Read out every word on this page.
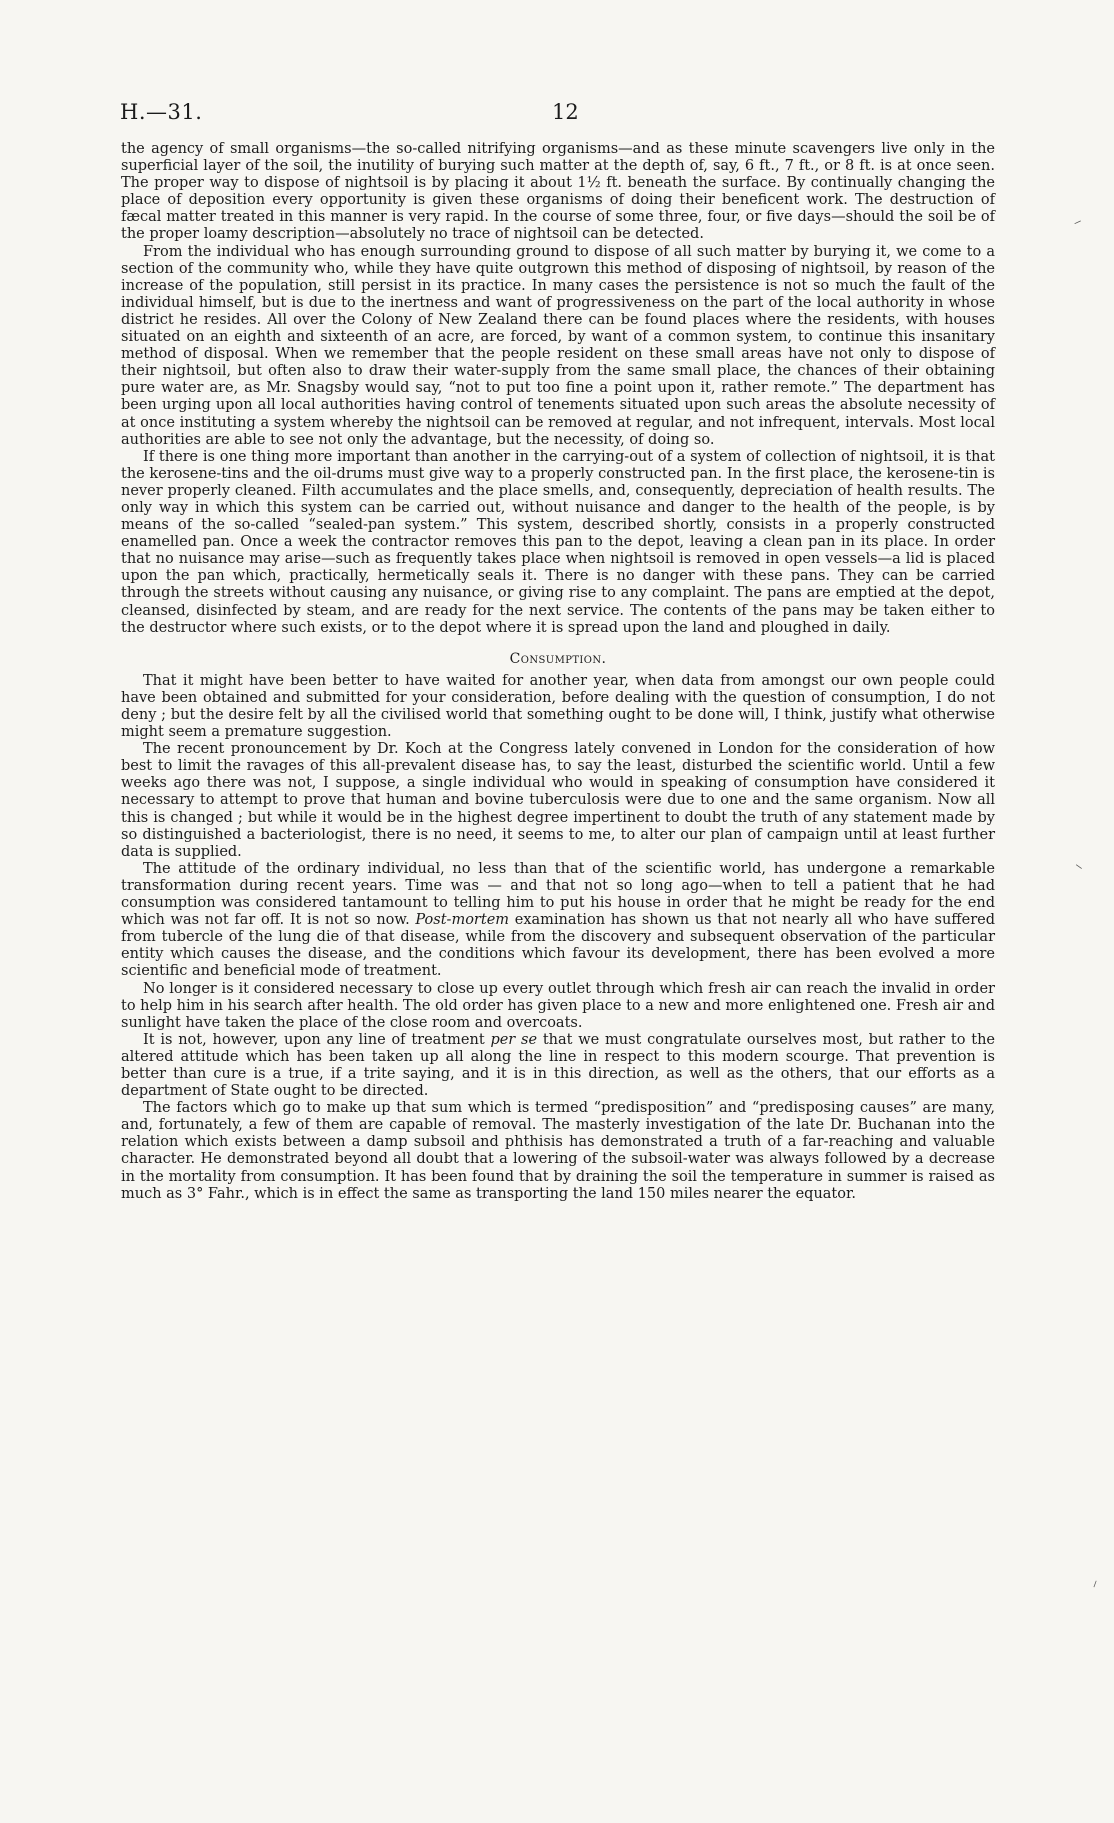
H.—31.	12

the agency of small organisms—the so-called nitrifying organisms—and as these minute scavengers live only in the superficial layer of the soil, the inutility of burying such matter at the depth of, say, 6 ft., 7 ft., or 8 ft. is at once seen. The proper way to dispose of nightsoil is by placing it about 1½ ft. beneath the surface. By continually changing the place of deposition every opportunity is given these organisms of doing their beneficent work. The destruction of fæcal matter treated in this manner is very rapid. In the course of some three, four, or five days—should the soil be of the proper loamy description—absolutely no trace of nightsoil can be detected.

From the individual who has enough surrounding ground to dispose of all such matter by burying it, we come to a section of the community who, while they have quite outgrown this method of disposing of nightsoil, by reason of the increase of the population, still persist in its practice. In many cases the persistence is not so much the fault of the individual himself, but is due to the inertness and want of progressiveness on the part of the local authority in whose district he resides. All over the Colony of New Zealand there can be found places where the residents, with houses situated on an eighth and sixteenth of an acre, are forced, by want of a common system, to continue this insanitary method of disposal. When we remember that the people resident on these small areas have not only to dispose of their nightsoil, but often also to draw their water-supply from the same small place, the chances of their obtaining pure water are, as Mr. Snagsby would say, “not to put too fine a point upon it, rather remote.” The department has been urging upon all local authorities having control of tenements situated upon such areas the absolute necessity of at once instituting a system whereby the nightsoil can be removed at regular, and not infrequent, intervals. Most local authorities are able to see not only the advantage, but the necessity, of doing so.

If there is one thing more important than another in the carrying-out of a system of collection of nightsoil, it is that the kerosene-tins and the oil-drums must give way to a properly constructed pan. In the first place, the kerosene-tin is never properly cleaned. Filth accumulates and the place smells, and, consequently, depreciation of health results. The only way in which this system can be carried out, without nuisance and danger to the health of the people, is by means of the so-called “sealed-pan system.” This system, described shortly, consists in a properly constructed enamelled pan. Once a week the contractor removes this pan to the depot, leaving a clean pan in its place. In order that no nuisance may arise—such as frequently takes place when nightsoil is removed in open vessels—a lid is placed upon the pan which, practically, hermetically seals it. There is no danger with these pans. They can be carried through the streets without causing any nuisance, or giving rise to any complaint. The pans are emptied at the depot, cleansed, disinfected by steam, and are ready for the next service. The contents of the pans may be taken either to the destructor where such exists, or to the depot where it is spread upon the land and ploughed in daily.

Consumption.

That it might have been better to have waited for another year, when data from amongst our own people could have been obtained and submitted for your consideration, before dealing with the question of consumption, I do not deny ; but the desire felt by all the civilised world that something ought to be done will, I think, justify what otherwise might seem a premature suggestion.

The recent pronouncement by Dr. Koch at the Congress lately convened in London for the consideration of how best to limit the ravages of this all-prevalent disease has, to say the least, disturbed the scientific world. Until a few weeks ago there was not, I suppose, a single individual who would in speaking of consumption have considered it necessary to attempt to prove that human and bovine tuberculosis were due to one and the same organism. Now all this is changed ; but while it would be in the highest degree impertinent to doubt the truth of any statement made by so distinguished a bacteriologist, there is no need, it seems to me, to alter our plan of campaign until at least further data is supplied.

The attitude of the ordinary individual, no less than that of the scientific world, has undergone a remarkable transformation during recent years. Time was — and that not so long ago—when to tell a patient that he had consumption was considered tantamount to telling him to put his house in order that he might be ready for the end which was not far off. It is not so now. Post-mortem examination has shown us that not nearly all who have suffered from tubercle of the lung die of that disease, while from the discovery and subsequent observation of the particular entity which causes the disease, and the conditions which favour its development, there has been evolved a more scientific and beneficial mode of treatment.

No longer is it considered necessary to close up every outlet through which fresh air can reach the invalid in order to help him in his search after health. The old order has given place to a new and more enlightened one. Fresh air and sunlight have taken the place of the close room and overcoats.

It is not, however, upon any line of treatment per se that we must congratulate ourselves most, but rather to the altered attitude which has been taken up all along the line in respect to this modern scourge. That prevention is better than cure is a true, if a trite saying, and it is in this direction, as well as the others, that our efforts as a department of State ought to be directed.

The factors which go to make up that sum which is termed “predisposition” and “predisposing causes” are many, and, fortunately, a few of them are capable of removal. The masterly investigation of the late Dr. Buchanan into the relation which exists between a damp subsoil and phthisis has demonstrated a truth of a far-reaching and valuable character. He demonstrated beyond all doubt that a lowering of the subsoil-water was always followed by a decrease in the mortality from consumption. It has been found that by draining the soil the temperature in summer is raised as much as 3° Fahr., which is in effect the same as transporting the land 150 miles nearer the equator.

⸝
⸌
⸍
